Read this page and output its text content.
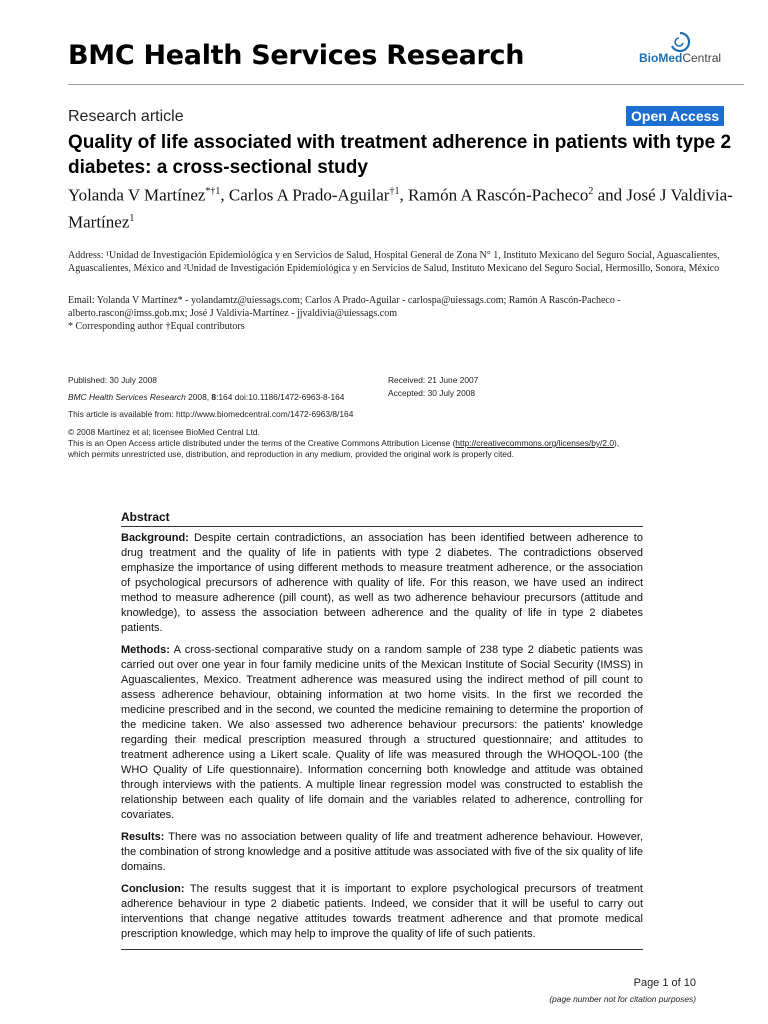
BMC Health Services Research	BioMedCentral
Research article	Open Access
Quality of life associated with treatment adherence in patients with type 2 diabetes: a cross-sectional study
Yolanda V Martínez$^{*\dagger 1}$, Carlos A Prado-Aguilar$^{\dagger 1}$, Ramón A Rascón-Pacheco$^2$ and José J Valdivia-Martínez$^1$
Address: ¹Unidad de Investigación Epidemiológica y en Servicios de Salud, Hospital General de Zona N° 1, Instituto Mexicano del Seguro Social, Aguascalientes, Aguascalientes, México and ²Unidad de Investigación Epidemiológica y en Servicios de Salud, Instituto Mexicano del Seguro Social, Hermosillo, Sonora, México
Email: Yolanda V Martínez* - yolandamtz@uiessags.com; Carlos A Prado-Aguilar - carlospa@uiessags.com; Ramón A Rascón-Pacheco - alberto.rascon@imss.gob.mx; José J Valdivia-Martínez - jjvaldivia@uiessags.com
* Corresponding author †Equal contributors
Published: 30 July 2008
BMC Health Services Research 2008, 8:164 doi:10.1186/1472-6963-8-164
This article is available from: http://www.biomedcentral.com/1472-6963/8/164
Received: 21 June 2007
Accepted: 30 July 2008
© 2008 Martínez et al; licensee BioMed Central Ltd.
This is an Open Access article distributed under the terms of the Creative Commons Attribution License (http://creativecommons.org/licenses/by/2.0),
which permits unrestricted use, distribution, and reproduction in any medium, provided the original work is properly cited.
Abstract

Background: Despite certain contradictions, an association has been identified between adherence to drug treatment and the quality of life in patients with type 2 diabetes. The contradictions observed emphasize the importance of using different methods to measure treatment adherence, or the association of psychological precursors of adherence with quality of life. For this reason, we have used an indirect method to measure adherence (pill count), as well as two adherence behaviour precursors (attitude and knowledge), to assess the association between adherence and the quality of life in type 2 diabetes patients.

Methods: A cross-sectional comparative study on a random sample of 238 type 2 diabetic patients was carried out over one year in four family medicine units of the Mexican Institute of Social Security (IMSS) in Aguascalientes, Mexico. Treatment adherence was measured using the indirect method of pill count to assess adherence behaviour, obtaining information at two home visits. In the first we recorded the medicine prescribed and in the second, we counted the medicine remaining to determine the proportion of the medicine taken. We also assessed two adherence behaviour precursors: the patients' knowledge regarding their medical prescription measured through a structured questionnaire; and attitudes to treatment adherence using a Likert scale. Quality of life was measured through the WHOQOL-100 (the WHO Quality of Life questionnaire). Information concerning both knowledge and attitude was obtained through interviews with the patients. A multiple linear regression model was constructed to establish the relationship between each quality of life domain and the variables related to adherence, controlling for covariates.

Results: There was no association between quality of life and treatment adherence behaviour. However, the combination of strong knowledge and a positive attitude was associated with five of the six quality of life domains.

Conclusion: The results suggest that it is important to explore psychological precursors of treatment adherence behaviour in type 2 diabetic patients. Indeed, we consider that it will be useful to carry out interventions that change negative attitudes towards treatment adherence and that promote medical prescription knowledge, which may help to improve the quality of life of such patients.

Page 1 of 10
(page number not for citation purposes)
